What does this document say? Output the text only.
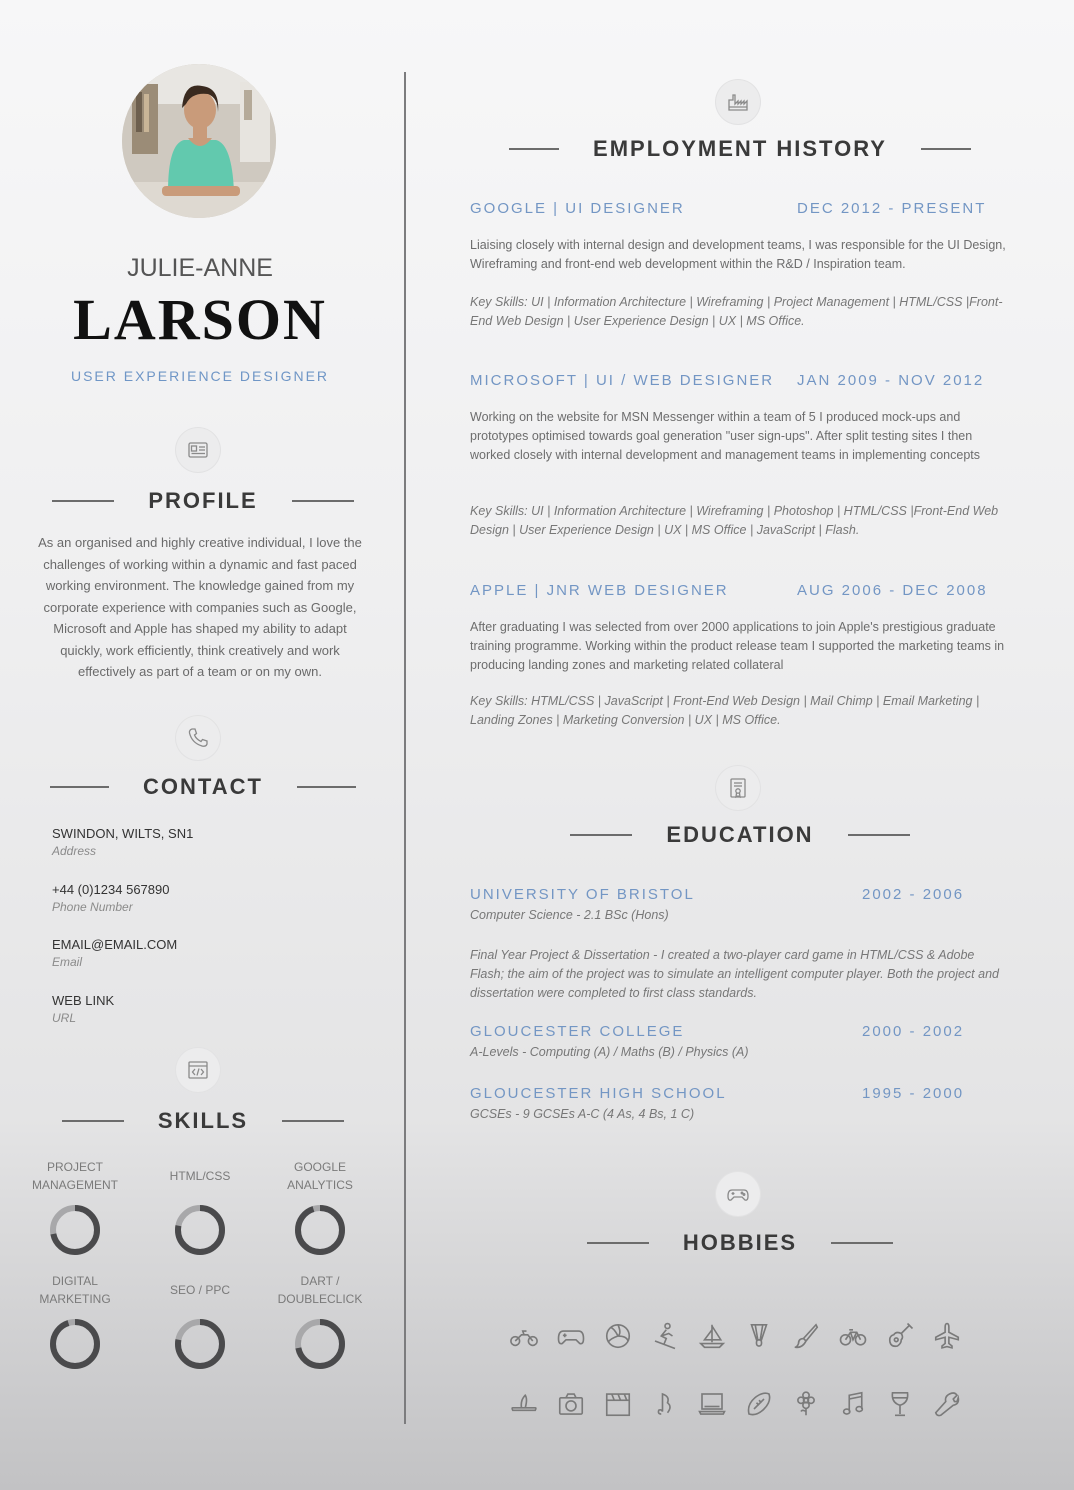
JULIE-ANNE
LARSON
USER EXPERIENCE DESIGNER
PROFILE
As an organised and highly creative individual, I love the challenges of working within a dynamic and fast paced working environment. The knowledge gained from my corporate experience with companies such as Google, Microsoft and Apple has shaped my ability to adapt quickly, work efficiently, think creatively and work effectively as part of a team or on my own.
CONTACT
SWINDON, WILTS, SN1
Address
+44 (0)1234 567890
Phone Number
EMAIL@EMAIL.COM
Email
WEB LINK
URL
SKILLS
PROJECT MANAGEMENT
HTML/CSS
GOOGLE ANALYTICS
DIGITAL MARKETING
SEO / PPC
DART / DOUBLECLICK
EMPLOYMENT HISTORY
GOOGLE | UI DESIGNER	DEC 2012 - PRESENT
Liaising closely with internal design and development teams, I was responsible for the UI Design, Wireframing and front-end web development within the R&D / Inspiration team.
Key Skills: UI | Information Architecture | Wireframing | Project Management | HTML/CSS |Front-End Web Design | User Experience Design | UX | MS Office.
MICROSOFT | UI / WEB DESIGNER JAN 2009 - NOV 2012
Working on the website for MSN Messenger within a team of 5 I produced mock-ups and prototypes optimised towards goal generation "user sign-ups". After split testing sites I then worked closely with internal development and management teams in implementing concepts
Key Skills: UI | Information Architecture | Wireframing | Photoshop | HTML/CSS |Front-End Web Design | User Experience Design | UX | MS Office | JavaScript | Flash.
APPLE | JNR WEB DESIGNER	AUG 2006 - DEC 2008
After graduating I was selected from over 2000 applications to join Apple's prestigious graduate training programme. Working within the product release team I supported the marketing teams in producing landing zones and marketing related collateral
Key Skills: HTML/CSS | JavaScript | Front-End Web Design | Mail Chimp | Email Marketing | Landing Zones | Marketing Conversion | UX | MS Office.
EDUCATION
UNIVERSITY OF BRISTOL	2002 - 2006
Computer Science - 2.1 BSc (Hons)
Final Year Project & Dissertation - I created a two-player card game in HTML/CSS & Adobe Flash; the aim of the project was to simulate an intelligent computer player. Both the project and dissertation were completed to first class standards.
GLOUCESTER COLLEGE	2000 - 2002
A-Levels - Computing (A) / Maths (B) / Physics (A)
GLOUCESTER HIGH SCHOOL	1995 - 2000
GCSEs - 9 GCSEs A-C (4 As, 4 Bs, 1 C)
HOBBIES
